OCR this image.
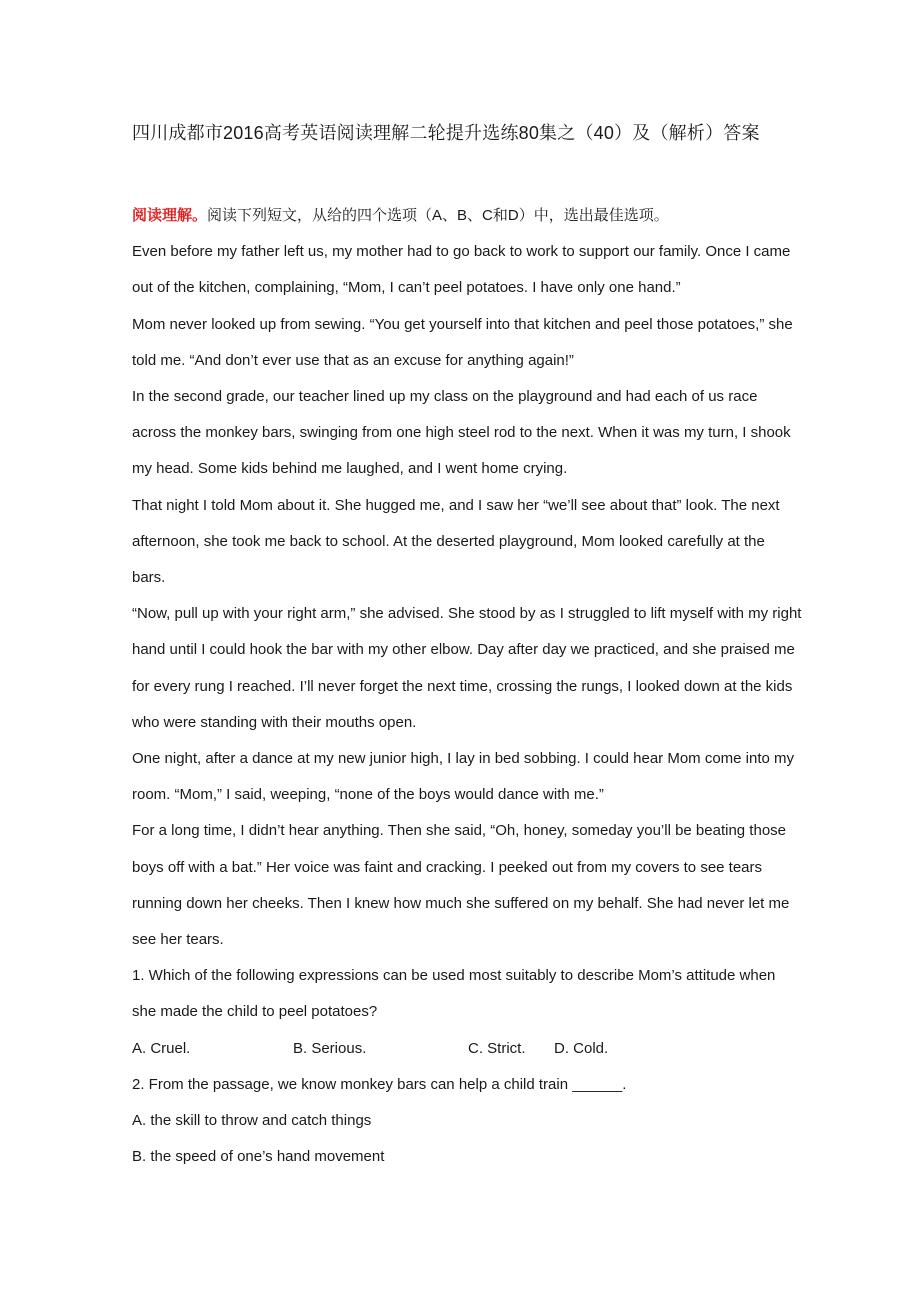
四川成都市2016高考英语阅读理解二轮提升选练80集之（40）及（解析）答案

阅读理解。阅读下列短文，从给的四个选项（A、B、C和D）中，选出最佳选项。

Even before my father left us, my mother had to go back to work to support our family. Once I came out of the kitchen, complaining, “Mom, I can’t peel potatoes. I have only one hand.”

Mom never looked up from sewing. “You get yourself into that kitchen and peel those potatoes,” she told me. “And don’t ever use that as an excuse for anything again!”

In the second grade, our teacher lined up my class on the playground and had each of us race across the monkey bars, swinging from one high steel rod to the next. When it was my turn, I shook my head. Some kids behind me laughed, and I went home crying.

That night I told Mom about it. She hugged me, and I saw her “we’ll see about that” look. The next afternoon, she took me back to school. At the deserted playground, Mom looked carefully at the bars.

“Now, pull up with your right arm,” she advised. She stood by as I struggled to lift myself with my right hand until I could hook the bar with my other elbow. Day after day we practiced, and she praised me for every rung I reached. I’ll never forget the next time, crossing the rungs, I looked down at the kids who were standing with their mouths open.

One night, after a dance at my new junior high, I lay in bed sobbing. I could hear Mom come into my room. “Mom,” I said, weeping, “none of the boys would dance with me.”

For a long time, I didn’t hear anything. Then she said, “Oh, honey, someday you’ll be beating those boys off with a bat.” Her voice was faint and cracking. I peeked out from my covers to see tears running down her cheeks. Then I knew how much she suffered on my behalf. She had never let me see her tears.

1. Which of the following expressions can be used most suitably to describe Mom’s attitude when she made the child to peel potatoes?

A. Cruel.	B. Serious.	C. Strict.	D. Cold.

2. From the passage, we know monkey bars can help a child train ______.

A. the skill to throw and catch things

B. the speed of one’s hand movement
